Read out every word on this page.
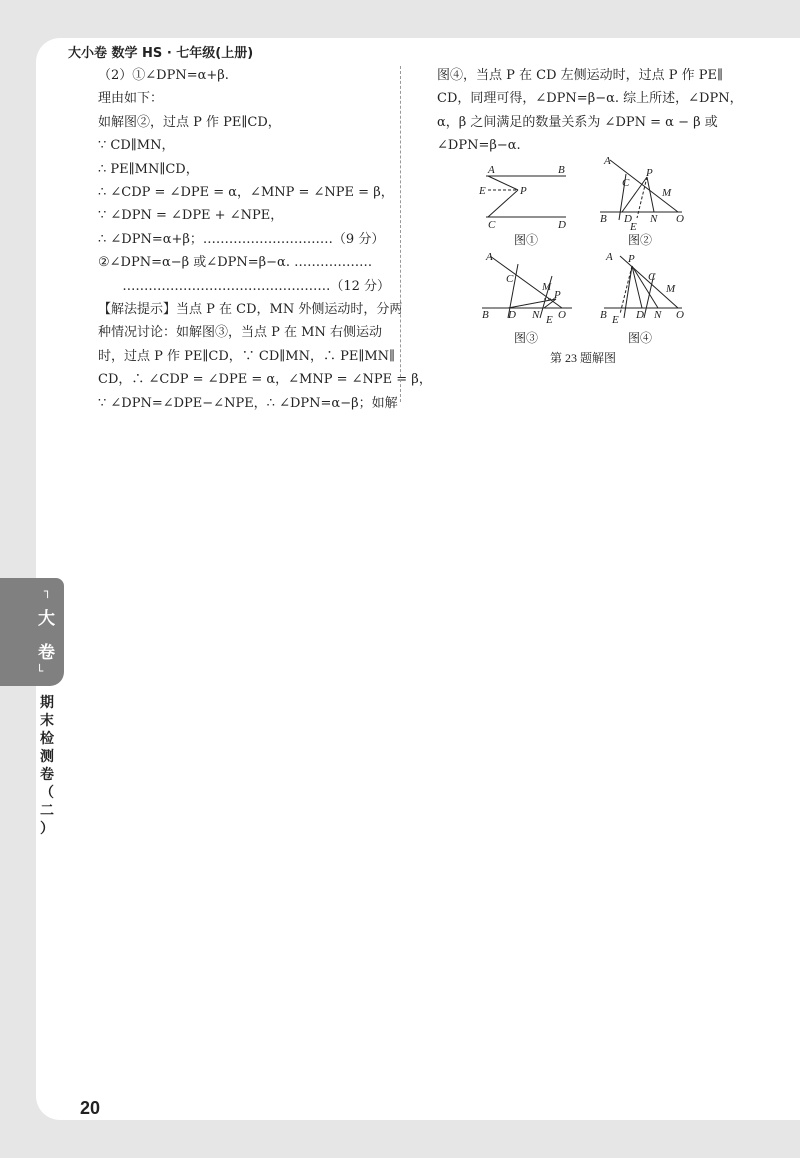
大小卷 数学 HS · 七年级(上册)
（2）①∠DPN=α+β.
理由如下：
如解图②，过点 P 作 PE∥CD，
∵ CD∥MN，
∴ PE∥MN∥CD，
∴ ∠CDP = ∠DPE = α，∠MNP = ∠NPE = β，
∵ ∠DPN = ∠DPE + ∠NPE，
∴ ∠DPN=α+β；…………………………（9 分）
②∠DPN=α−β 或∠DPN=β−α. ………………
…………………………………………（12 分）
【解法提示】当点 P 在 CD，MN 外侧运动时，分两
种情况讨论：如解图③，当点 P 在 MN 右侧运动
时，过点 P 作 PE∥CD，∵ CD∥MN，∴ PE∥MN∥
CD，∴ ∠CDP = ∠DPE = α，∠MNP = ∠NPE = β，
∵ ∠DPN=∠DPE−∠NPE，∴ ∠DPN=α−β；如解
图④，当点 P 在 CD 左侧运动时，过点 P 作 PE∥
CD，同理可得，∠DPN=β−α. 综上所述，∠DPN，
α，β 之间满足的数量关系为 ∠DPN = α − β 或
∠DPN=β−α.
A	B
E	P
C	D
A
C
P
M
B D
E
N O
A
C
M
P
B D N E O
A P
C
M
B E D N O
图①	图②
图③	图④
第 23 题解图
┐
大
卷
└
期
末
检
测
卷
（
二
）
20
